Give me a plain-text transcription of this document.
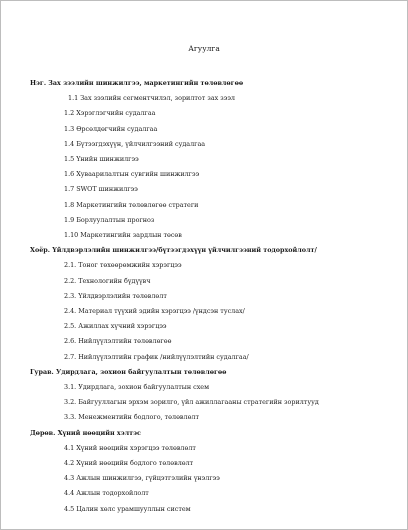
Агуулга
Нэг. Зах зээлийн шинжилгээ, маркетингийн төлөвлөгөө
1.1 Зах зээлийн сегментчилэл, зорилтот зах зээл
1.2 Хэрэглэгчийн судалгаа
1.3 Өрсөлдөгчийн судалгаа
1.4 Бүтээгдэхүүн, үйлчилгээний судалгаа
1.5 Үнийн шинжилгээ
1.6 Хуваарилалтын сувгийн шинжилгээ
1.7 SWOT шинжилгээ
1.8 Маркетингийн төлөвлөгөө стратеги
1.9 Борлуулалтын прогноз
1.10 Маркетингийн зардлын төсөв
Хоёр. Үйлдвэрлэлийн шинжилгээ/бүтээгдэхүүн үйлчилгээний тодорхойлолт/
2.1. Тоног төхөөрөмжийн хэрэгцээ
2.2. Технологийн бүдүүвч
2.3. Үйлдвэрлэлийн төлөвлөлт
2.4. Материал түүхий эдийн хэрэгцээ /үндсэн туслах/
2.5. Ажиллах хүчний хэрэгцээ
2.6. Нийлүүлэлтийн төлөвлөгөө
2.7. Нийлүүлэлтийн график /нийлүүлэлтийн судалгаа/
Гурав. Удирдлага, зохион байгуулалтын төлөвлөгөө
3.1. Удирдлага, зохион байгуулалтын схем
3.2. Байгууллагын эрхэм зорилго, үйл ажиллагааны стратегийн зорилтууд
3.3. Менежментийн бодлого, төлөвлөлт
Дөрөв. Хүний нөөцийн хэлтэс
4.1 Хүний нөөцийн хэрэгцээ төлөвлөлт
4.2 Хүний нөөцийн бодлого төлөвлөлт
4.3 Ажлын шинжилгээ, гүйцэтгэлийн үнэлгээ
4.4 Ажлын тодорхойлолт
4.5 Цалин хөлс урамшууллын систем
